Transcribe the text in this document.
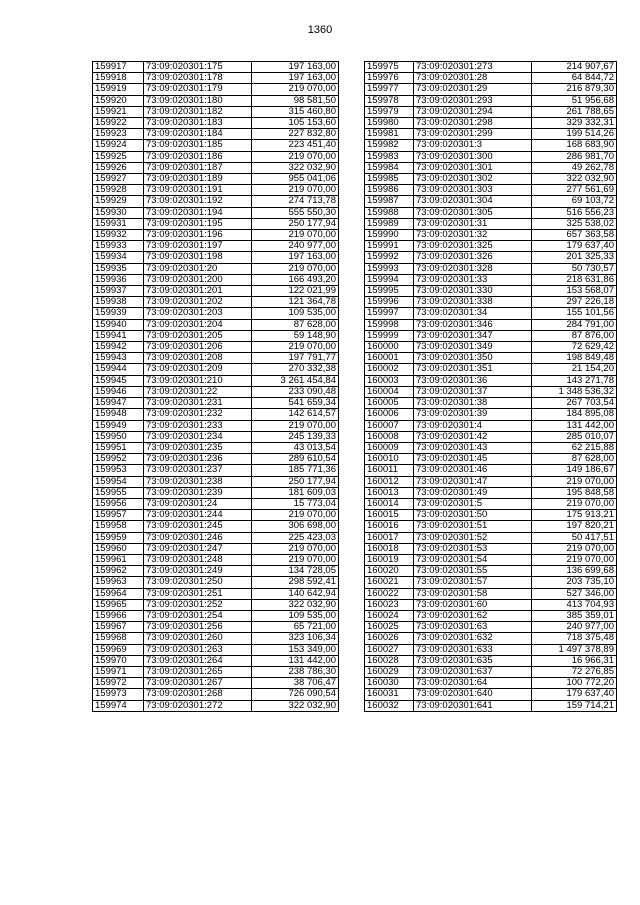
1360
159917	73:09:020301:175	197 163,00
159918	73:09:020301:178	197 163,00
159919	73:09:020301:179	219 070,00
159920	73:09:020301:180	98 581,50
159921	73:09:020301:182	315 460,80
159922	73:09:020301:183	105 153,60
159923	73:09:020301:184	227 832,80
159924	73:09:020301:185	223 451,40
159925	73:09:020301:186	219 070,00
159926	73:09:020301:187	322 032,90
159927	73:09:020301:189	955 041,06
159928	73:09:020301:191	219 070,00
159929	73:09:020301:192	274 713,78
159930	73:09:020301:194	555 550,30
159931	73:09:020301:195	250 177,94
159932	73:09:020301:196	219 070,00
159933	73:09:020301:197	240 977,00
159934	73:09:020301:198	197 163,00
159935	73:09:020301:20	219 070,00
159936	73:09:020301:200	166 493,20
159937	73:09:020301:201	122 021,99
159938	73:09:020301:202	121 364,78
159939	73:09:020301:203	109 535,00
159940	73:09:020301:204	87 628,00
159941	73:09:020301:205	59 148,90
159942	73:09:020301:206	219 070,00
159943	73:09:020301:208	197 791,77
159944	73:09:020301:209	270 332,38
159945	73:09:020301:210	3 261 454,84
159946	73:09:020301:22	233 090,48
159947	73:09:020301:231	541 659,34
159948	73:09:020301:232	142 614,57
159949	73:09:020301:233	219 070,00
159950	73:09:020301:234	245 139,33
159951	73:09:020301:235	43 013,54
159952	73:09:020301:236	289 610,54
159953	73:09:020301:237	185 771,36
159954	73:09:020301:238	250 177,94
159955	73:09:020301:239	181 609,03
159956	73:09:020301:24	15 773,04
159957	73:09:020301:244	219 070,00
159958	73:09:020301:245	306 698,00
159959	73:09:020301:246	225 423,03
159960	73:09:020301:247	219 070,00
159961	73:09:020301:248	219 070,00
159962	73:09:020301:249	134 728,05
159963	73:09:020301:250	298 592,41
159964	73:09:020301:251	140 642,94
159965	73:09:020301:252	322 032,90
159966	73:09:020301:254	109 535,00
159967	73:09:020301:256	65 721,00
159968	73:09:020301:260	323 106,34
159969	73:09:020301:263	153 349,00
159970	73:09:020301:264	131 442,00
159971	73:09:020301:265	238 786,30
159972	73:09:020301:267	38 706,47
159973	73:09:020301:268	726 090,54
159974	73:09:020301:272	322 032,90
159975	73:09:020301:273	214 907,67
159976	73:09:020301:28	64 844,72
159977	73:09:020301:29	216 879,30
159978	73:09:020301:293	51 956,68
159979	73:09:020301:294	261 788,65
159980	73:09:020301:298	329 332,31
159981	73:09:020301:299	199 514,26
159982	73:09:020301:3	168 683,90
159983	73:09:020301:300	286 981,70
159984	73:09:020301:301	49 262,78
159985	73:09:020301:302	322 032,90
159986	73:09:020301:303	277 561,69
159987	73:09:020301:304	69 103,72
159988	73:09:020301:305	516 556,23
159989	73:09:020301:31	325 538,02
159990	73:09:020301:32	657 363,58
159991	73:09:020301:325	179 637,40
159992	73:09:020301:326	201 325,33
159993	73:09:020301:328	50 730,57
159994	73:09:020301:33	218 631,86
159995	73:09:020301:330	153 568,07
159996	73:09:020301:338	297 226,18
159997	73:09:020301:34	155 101,56
159998	73:09:020301:346	284 791,00
159999	73:09:020301:347	87 876,00
160000	73:09:020301:349	72 629,42
160001	73:09:020301:350	198 849,48
160002	73:09:020301:351	21 154,20
160003	73:09:020301:36	143 271,78
160004	73:09:020301:37	1 348 536,32
160005	73:09:020301:38	267 703,54
160006	73:09:020301:39	184 895,08
160007	73:09:020301:4	131 442,00
160008	73:09:020301:42	285 010,07
160009	73:09:020301:43	62 215,88
160010	73:09:020301:45	87 628,00
160011	73:09:020301:46	149 186,67
160012	73:09:020301:47	219 070,00
160013	73:09:020301:49	195 848,58
160014	73:09:020301:5	219 070,00
160015	73:09:020301:50	175 913,21
160016	73:09:020301:51	197 820,21
160017	73:09:020301:52	50 417,51
160018	73:09:020301:53	219 070,00
160019	73:09:020301:54	219 070,00
160020	73:09:020301:55	136 699,68
160021	73:09:020301:57	203 735,10
160022	73:09:020301:58	527 346,00
160023	73:09:020301:60	413 704,93
160024	73:09:020301:62	385 359,01
160025	73:09:020301:63	240 977,00
160026	73:09:020301:632	718 375,48
160027	73:09:020301:633	1 497 378,89
160028	73:09:020301:635	16 966,31
160029	73:09:020301:637	72 276,85
160030	73:09:020301:64	100 772,20
160031	73:09:020301:640	179 637,40
160032	73:09:020301:641	159 714,21
